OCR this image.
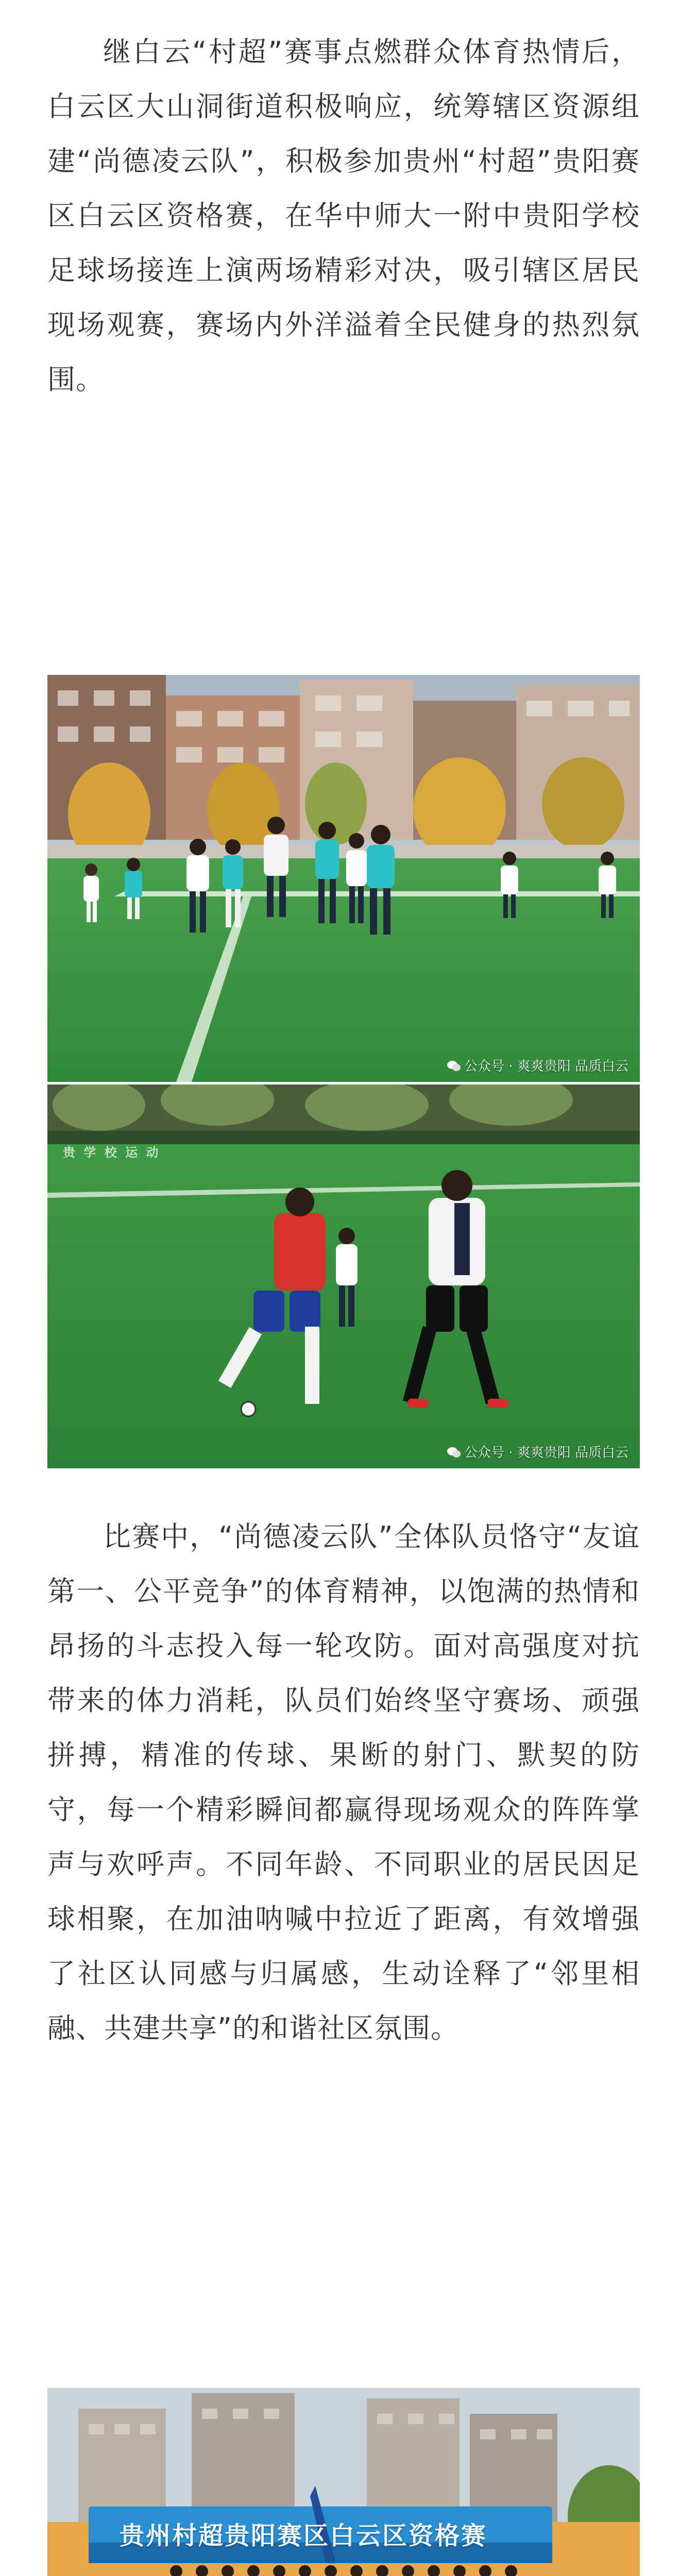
继白云“村超”赛事点燃群众体育热情后，白云区大山洞街道积极响应，统筹辖区资源组建“尚德凌云队”，积极参加贵州“村超”贵阳赛区白云区资格赛，在华中师大一附中贵阳学校足球场接连上演两场精彩对决，吸引辖区居民现场观赛，赛场内外洋溢着全民健身的热烈氛围。

公众号 · 爽爽贵阳 品质白云
贵 学 校 运 动
公众号 · 爽爽贵阳 品质白云

比赛中，“尚德凌云队”全体队员恪守“友谊第一、公平竞争”的体育精神，以饱满的热情和昂扬的斗志投入每一轮攻防。面对高强度对抗带来的体力消耗，队员们始终坚守赛场、顽强拼搏，精准的传球、果断的射门、默契的防守，每一个精彩瞬间都赢得现场观众的阵阵掌声与欢呼声。不同年龄、不同职业的居民因足球相聚，在加油呐喊中拉近了距离，有效增强了社区认同感与归属感，生动诠释了“邻里相融、共建共享”的和谐社区氛围。

贵州村超贵阳赛区白云区资格赛
